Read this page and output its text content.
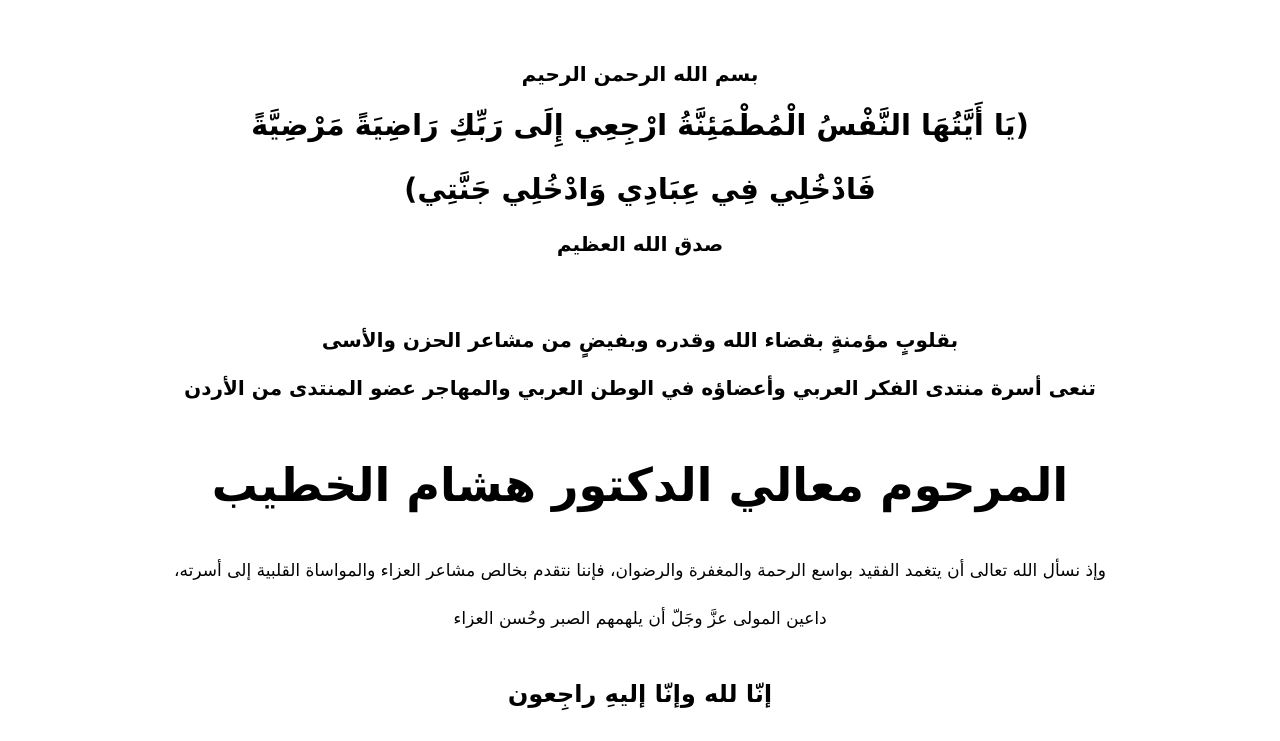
بسم الله الرحمن الرحيم
(يَا أَيَّتُهَا النَّفْسُ الْمُطْمَئِنَّةُ ارْجِعِي إِلَى رَبِّكِ رَاضِيَةً مَرْضِيَّةً
فَادْخُلِي فِي عِبَادِي وَادْخُلِي جَنَّتِي)
صدق الله العظيم
بقلوبٍ مؤمنةٍ بقضاء الله وقدره وبفيضٍ من مشاعر الحزن والأسى
تنعى أسرة منتدى الفكر العربي وأعضاؤه في الوطن العربي والمهاجر عضو المنتدى من الأردن
المرحوم معالي الدكتور هشام الخطيب
وإذ نسأل الله تعالى أن يتغمد الفقيد بواسع الرحمة والمغفرة والرضوان، فإننا نتقدم بخالص مشاعر العزاء والمواساة القلبية إلى أسرته،
داعين المولى عزَّ وجَلّ أن يلهمهم الصبر وحُسن العزاء
إنّا لله وإنّا إليهِ راجِعون
